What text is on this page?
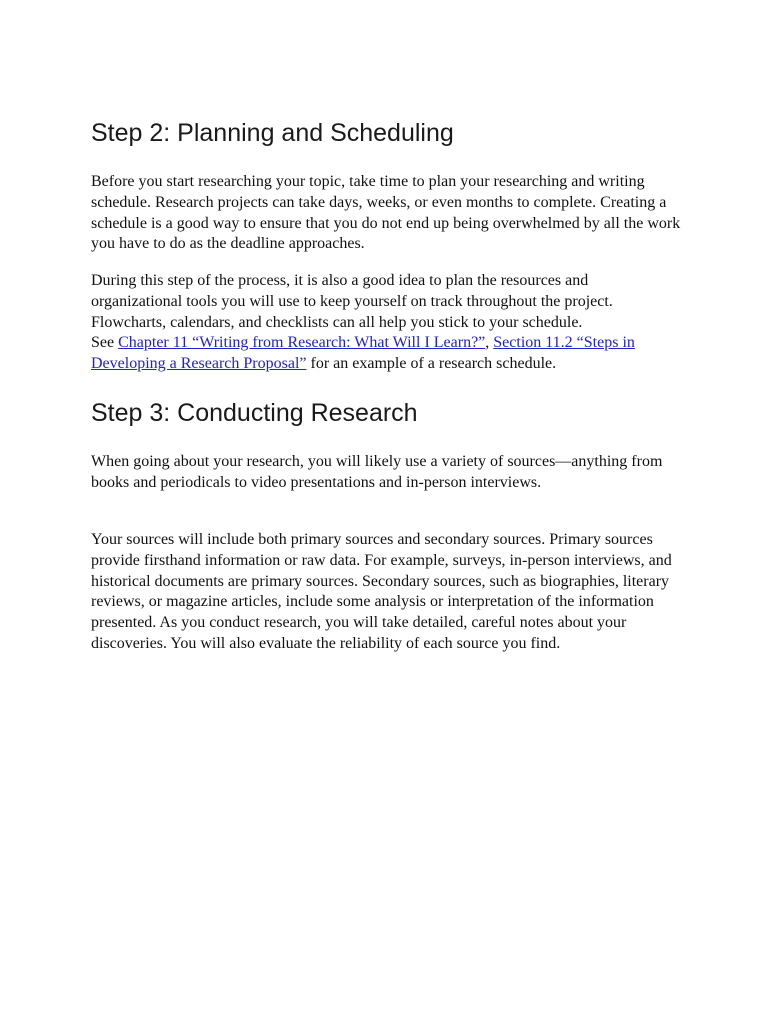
Step 2: Planning and Scheduling

Before you start researching your topic, take time to plan your researching and writing schedule. Research projects can take days, weeks, or even months to complete. Creating a schedule is a good way to ensure that you do not end up being overwhelmed by all the work you have to do as the deadline approaches.

During this step of the process, it is also a good idea to plan the resources and organizational tools you will use to keep yourself on track throughout the project. Flowcharts, calendars, and checklists can all help you stick to your schedule.
See Chapter 11 “Writing from Research: What Will I Learn?”, Section 11.2 “Steps in Developing a Research Proposal” for an example of a research schedule.

Step 3: Conducting Research

When going about your research, you will likely use a variety of sources—anything from books and periodicals to video presentations and in-person interviews.

Your sources will include both primary sources and secondary sources. Primary sources provide firsthand information or raw data. For example, surveys, in-person interviews, and historical documents are primary sources. Secondary sources, such as biographies, literary reviews, or magazine articles, include some analysis or interpretation of the information presented. As you conduct research, you will take detailed, careful notes about your discoveries. You will also evaluate the reliability of each source you find.
